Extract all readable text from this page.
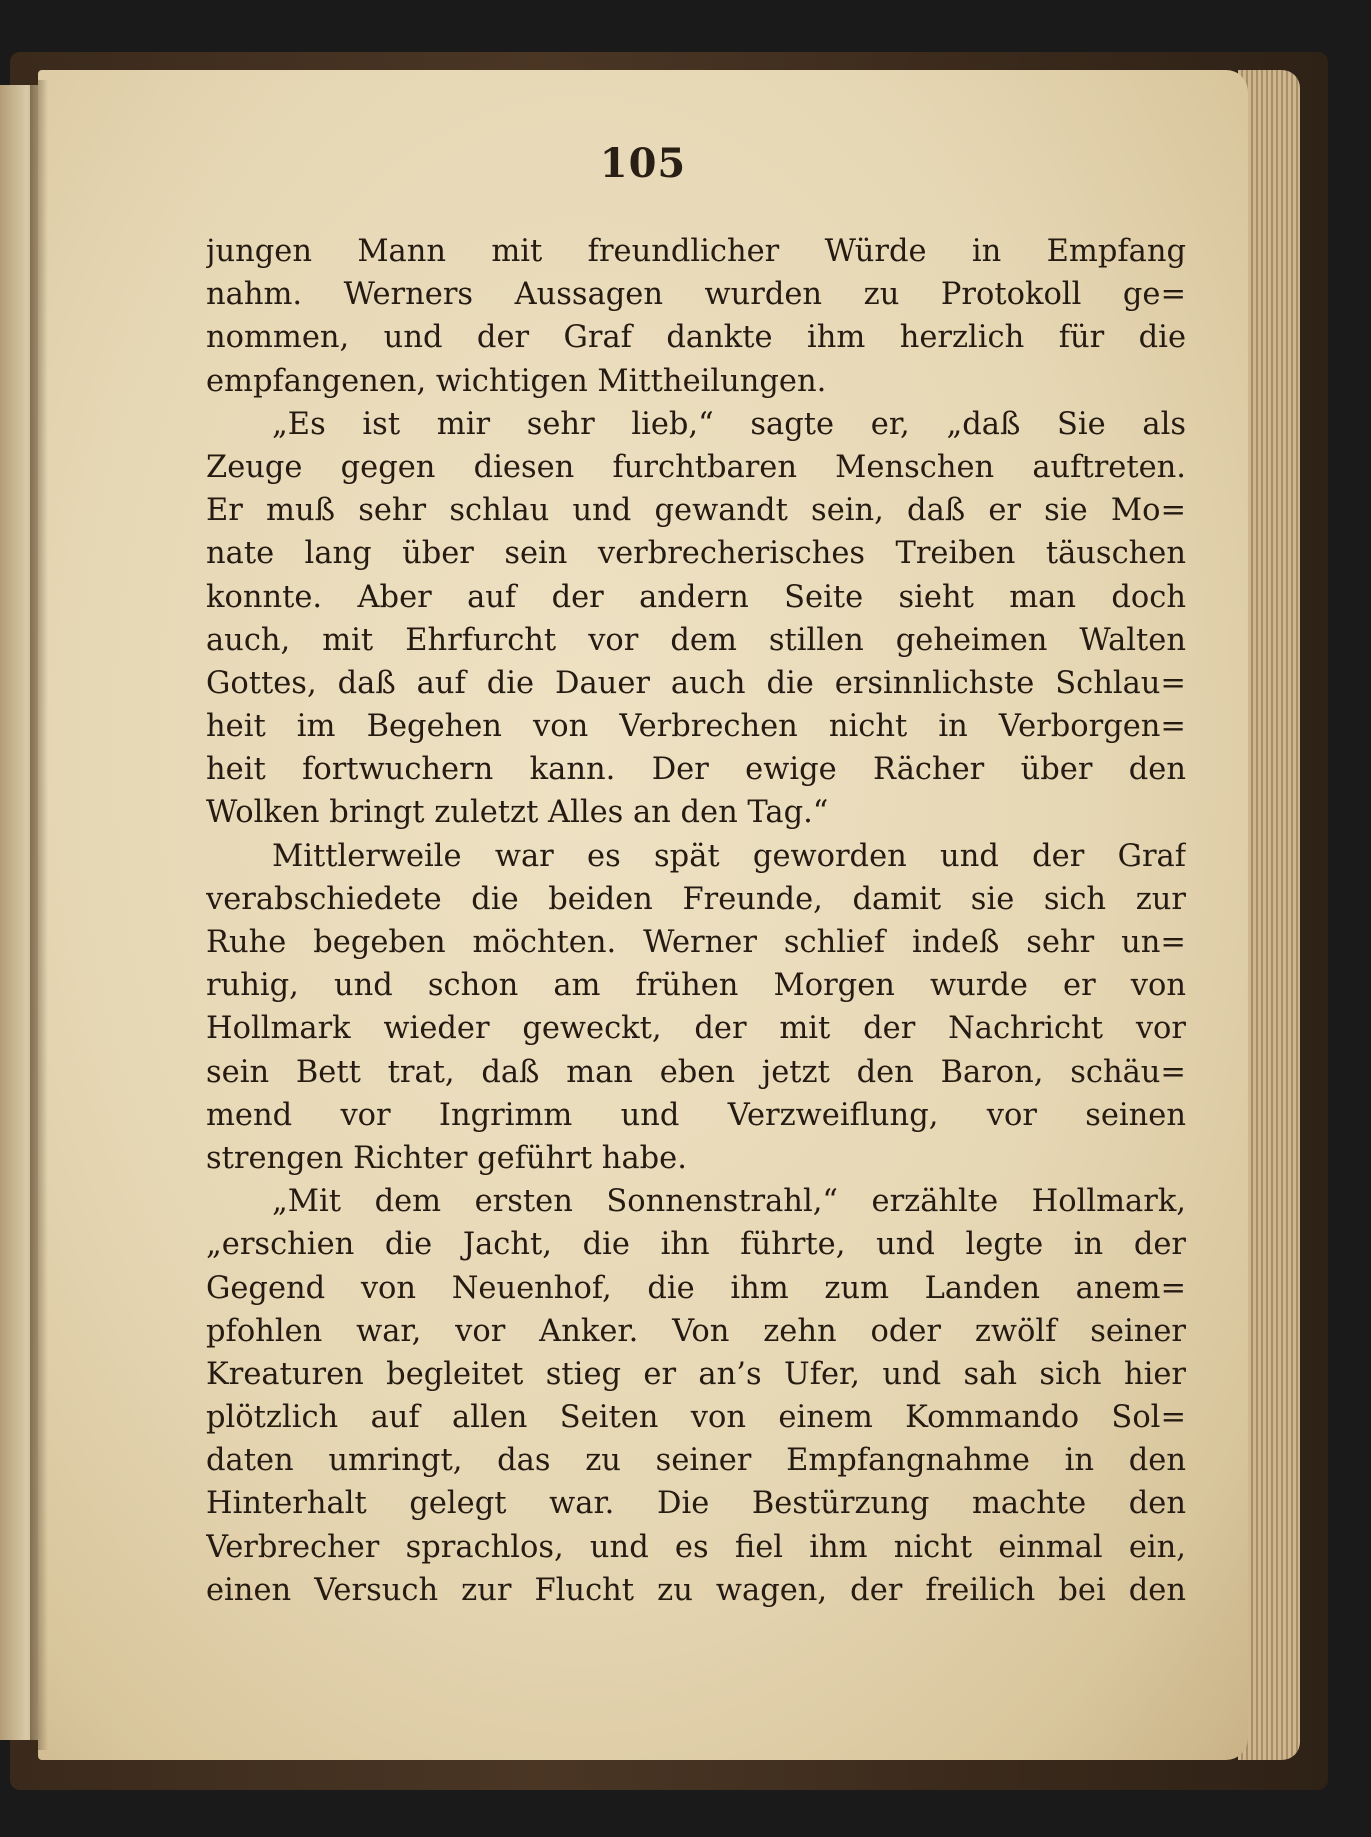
105
jungen Mann mit freundlicher Würde in Empfang
nahm. Werners Aussagen wurden zu Protokoll ge=
nommen, und der Graf dankte ihm herzlich für die
empfangenen, wichtigen Mittheilungen.
„Es ist mir sehr lieb,“ sagte er, „daß Sie als
Zeuge gegen diesen furchtbaren Menschen auftreten.
Er muß sehr schlau und gewandt sein, daß er sie Mo=
nate lang über sein verbrecherisches Treiben täuschen
konnte. Aber auf der andern Seite sieht man doch
auch, mit Ehrfurcht vor dem stillen geheimen Walten
Gottes, daß auf die Dauer auch die ersinnlichste Schlau=
heit im Begehen von Verbrechen nicht in Verborgen=
heit fortwuchern kann. Der ewige Rächer über den
Wolken bringt zuletzt Alles an den Tag.“
Mittlerweile war es spät geworden und der Graf
verabschiedete die beiden Freunde, damit sie sich zur
Ruhe begeben möchten. Werner schlief indeß sehr un=
ruhig, und schon am frühen Morgen wurde er von
Hollmark wieder geweckt, der mit der Nachricht vor
sein Bett trat, daß man eben jetzt den Baron, schäu=
mend vor Ingrimm und Verzweiflung, vor seinen
strengen Richter geführt habe.
„Mit dem ersten Sonnenstrahl,“ erzählte Hollmark,
„erschien die Jacht, die ihn führte, und legte in der
Gegend von Neuenhof, die ihm zum Landen anem=
pfohlen war, vor Anker. Von zehn oder zwölf seiner
Kreaturen begleitet stieg er an’s Ufer, und sah sich hier
plötzlich auf allen Seiten von einem Kommando Sol=
daten umringt, das zu seiner Empfangnahme in den
Hinterhalt gelegt war. Die Bestürzung machte den
Verbrecher sprachlos, und es fiel ihm nicht einmal ein,
einen Versuch zur Flucht zu wagen, der freilich bei den
